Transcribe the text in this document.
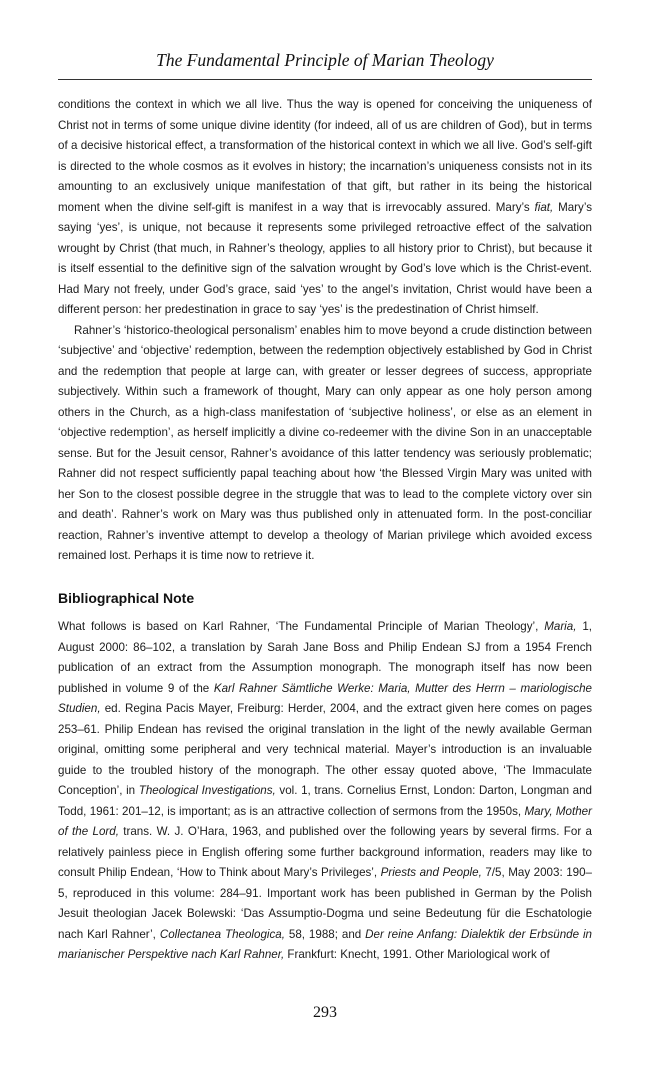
The Fundamental Principle of Marian Theology

conditions the context in which we all live. Thus the way is opened for conceiving the uniqueness of Christ not in terms of some unique divine identity (for indeed, all of us are children of God), but in terms of a decisive historical effect, a transformation of the historical context in which we all live. God’s self-gift is directed to the whole cosmos as it evolves in history; the incarnation’s uniqueness consists not in its amounting to an exclusively unique manifestation of that gift, but rather in its being the historical moment when the divine self-gift is manifest in a way that is irrevocably assured. Mary’s fiat, Mary’s saying ‘yes’, is unique, not because it represents some privileged retroactive effect of the salvation wrought by Christ (that much, in Rahner’s theology, applies to all history prior to Christ), but because it is itself essential to the definitive sign of the salvation wrought by God’s love which is the Christ-event. Had Mary not freely, under God’s grace, said ‘yes’ to the angel’s invitation, Christ would have been a different person: her predestination in grace to say ‘yes’ is the predestination of Christ himself.

Rahner’s ‘historico-theological personalism’ enables him to move beyond a crude distinction between ‘subjective’ and ‘objective’ redemption, between the redemption objectively established by God in Christ and the redemption that people at large can, with greater or lesser degrees of success, appropriate subjectively. Within such a framework of thought, Mary can only appear as one holy person among others in the Church, as a high-class manifestation of ‘subjective holiness’, or else as an element in ‘objective redemption’, as herself implicitly a divine co-redeemer with the divine Son in an unacceptable sense. But for the Jesuit censor, Rahner’s avoidance of this latter tendency was seriously problematic; Rahner did not respect sufficiently papal teaching about how ‘the Blessed Virgin Mary was united with her Son to the closest possible degree in the struggle that was to lead to the complete victory over sin and death’. Rahner’s work on Mary was thus published only in attenuated form. In the post-conciliar reaction, Rahner’s inventive attempt to develop a theology of Marian privilege which avoided excess remained lost. Perhaps it is time now to retrieve it.

Bibliographical Note

What follows is based on Karl Rahner, ‘The Fundamental Principle of Marian Theology’, Maria, 1, August 2000: 86–102, a translation by Sarah Jane Boss and Philip Endean SJ from a 1954 French publication of an extract from the Assumption monograph. The monograph itself has now been published in volume 9 of the Karl Rahner Sämtliche Werke: Maria, Mutter des Herrn – mariologische Studien, ed. Regina Pacis Mayer, Freiburg: Herder, 2004, and the extract given here comes on pages 253–61. Philip Endean has revised the original translation in the light of the newly available German original, omitting some peripheral and very technical material. Mayer’s introduction is an invaluable guide to the troubled history of the monograph. The other essay quoted above, ‘The Immaculate Conception’, in Theological Investigations, vol. 1, trans. Cornelius Ernst, London: Darton, Longman and Todd, 1961: 201–12, is important; as is an attractive collection of sermons from the 1950s, Mary, Mother of the Lord, trans. W. J. O’Hara, 1963, and published over the following years by several firms. For a relatively painless piece in English offering some further background information, readers may like to consult Philip Endean, ‘How to Think about Mary’s Privileges’, Priests and People, 7/5, May 2003: 190–5, reproduced in this volume: 284–91. Important work has been published in German by the Polish Jesuit theologian Jacek Bolewski: ‘Das Assumptio-Dogma und seine Bedeutung für die Eschatologie nach Karl Rahner’, Collectanea Theologica, 58, 1988; and Der reine Anfang: Dialektik der Erbsünde in marianischer Perspektive nach Karl Rahner, Frankfurt: Knecht, 1991. Other Mariological work of

293
